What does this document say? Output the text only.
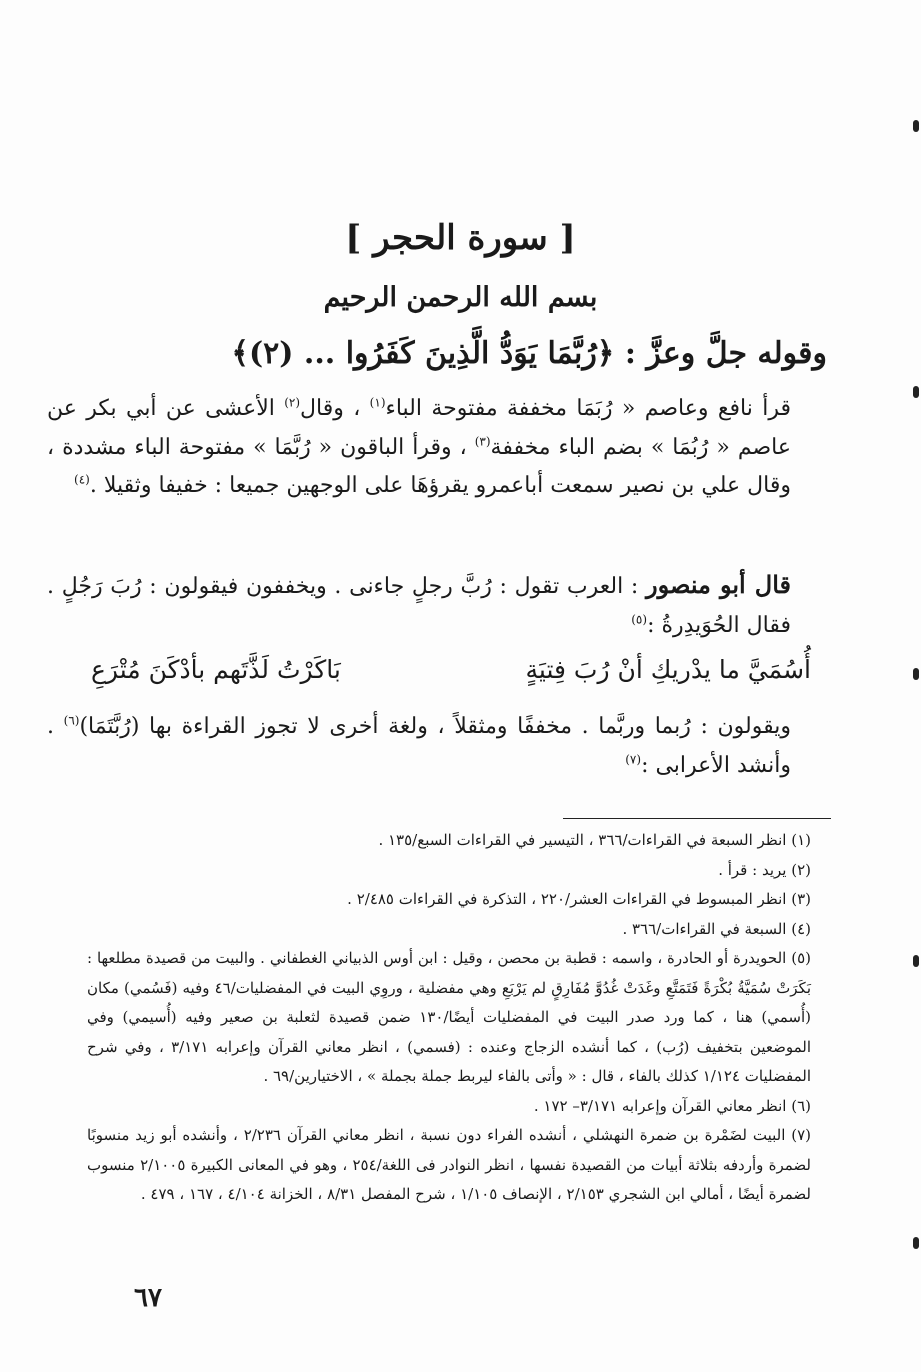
[ سورة الحجر ]
بسم الله الرحمن الرحيم
وقوله جلَّ وعزَّ : ﴿رُبَّمَا يَوَدُّ الَّذِينَ كَفَرُوا ... (٢)﴾
قرأ نافع وعاصم « رُبَمَا مخففة مفتوحة الباء$^{(١)}$ ، وقال$^{(٢)}$ الأعشى عن أبي بكر عن عاصم « رُبُمَا » بضم الباء مخففة$^{(٣)}$ ، وقرأ الباقون « رُبَّمَا » مفتوحة الباء مشددة ، وقال علي بن نصير سمعت أباعمرو يقرؤهَا على الوجهين جميعا : خفيفا وثقيلا .$^{(٤)}$
قال أبو منصور : العرب تقول : رُبَّ رجلٍ جاءنى . ويخففون فيقولون : رُبَ رَجُلٍ . فقال الحُوَيدِرةُ :$^{(٥)}$
أُسُمَيَّ ما يدْريكِ أنْ رُبَ فِتيَةٍ
بَاكَرْتُ لَذَّتَهم بأدْكَنَ مُتْرَعِ
ويقولون : رُبما وربَّما . مخففًا ومثقلاً ، ولغة أخرى لا تجوز القراءة بها (رُبَّتَمَا)$^{(٦)}$ . وأنشد الأعرابى :$^{(٧)}$

(١) انظر السبعة في القراءات/٣٦٦ ، التيسير في القراءات السبع/١٣٥ .

(٢) يريد : قرأ .

(٣) انظر المبسوط في القراءات العشر/٢٢٠ ، التذكرة في القراءات ٢/٤٨٥ .

(٤) السبعة في القراءات/٣٦٦ .

(٥) الحويدرة أو الحادرة ، واسمه : قطبة بن محصن ، وقيل : ابن أوس الذبياني الغطفاني . والبيت من قصيدة مطلعها : بَكَرَتْ سُمَيَّةُ بُكْرَةً فَتَمَتَّعِ وغَدَتْ غُدُوَّ مُفَارِقٍ لم يَرْبَعِ وهي مفضلية ، وروِي البيت في المفضليات/٤٦ وفيه (فَسُمي) مكان (أُسمي) هنا ، كما ورد صدر البيت في المفضليات أيضًا/١٣٠ ضمن قصيدة لثعلبة بن صعير وفيه (أُسيمي) وفي الموضعين بتخفيف (رُب) ، كما أنشده الزجاج وعنده : (فسمي) ، انظر معاني القرآن وإعرابه ٣/١٧١ ، وفي شرح المفضليات ١/١٢٤ كذلك بالفاء ، قال : « وأتى بالفاء ليربط جملة بجملة » ، الاختيارين/٦٩ .

(٦) انظر معاني القرآن وإعرابه ٣/١٧١– ١٧٢ .

(٧) البيت لضَمْرة بن ضمرة النهشلي ، أنشده الفراء دون نسبة ، انظر معاني القرآن ٢/٢٣٦ ، وأنشده أبو زيد منسوبًا لضمرة وأردفه بثلاثة أبيات من القصيدة نفسها ، انظر النوادر فى اللغة/٢٥٤ ، وهو في المعانى الكبيرة ٢/١٠٠٥ منسوب لضمرة أيضًا ، أمالي ابن الشجري ٢/١٥٣ ، الإنصاف ١/١٠٥ ، شرح المفصل ٨/٣١ ، الخزانة ٤/١٠٤ ، ١٦٧ ، ٤٧٩ .

٦٧
